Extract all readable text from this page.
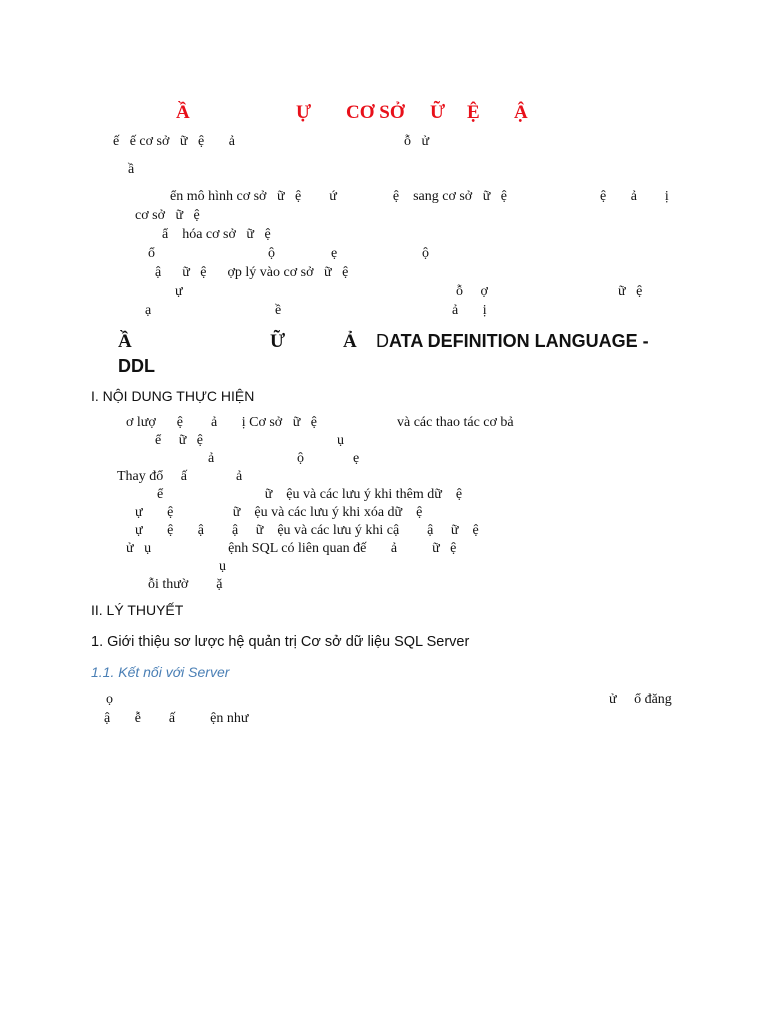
Ầ	Ự CƠ SỞ Ữ Ệ Ậ
ế   ế cơ sở   ữ   ệ       ả	ỗ   ử
ầ
ển mô hình cơ sở   ữ   ệ        ứ                ệ    sang cơ sở   ữ   ệ	ệ       ả        ị
cơ sở   ữ   ệ
ẩ    hóa cơ sở   ữ   ệ
ổ	ộ                ẹ	ộ
ậ      ữ   ệ      ợp lý vào cơ sở   ữ   ệ
ự	ỗ     ợ	ữ   ệ
ạ	ề	ả       ị
Ầ	Ữ	Ả DATA DEFINITION LANGUAGE -
DDL
I. NỘI DUNG THỰC HIỆN
ơ lượ      ệ        ả       ị Cơ sở   ữ   ệ	và các thao tác cơ bả
ể     ữ   ệ	ụ
ả	ộ              ẹ
Thay đổ     ấ              ả
ể                             ữ    ệu và các lưu ý khi thêm dữ    ệ
ự       ệ                 ữ    ệu và các lưu ý khi xóa dữ    ệ
ự       ệ       ậ        ậ     ữ    ệu và các lưu ý khi cậ        ậ     ữ    ệ
ử   ụ                      ệnh SQL có liên quan đế       ả          ữ   ệ
ụ
ỗi thườ        ặ
II. LÝ THUYẾT
1. Giới thiệu sơ lược hệ quản trị Cơ sở dữ liệu SQL Server
1.1. Kết nối với Server
ọ	ử     ổ đăng
ậ       ễ        ấ          ện như
